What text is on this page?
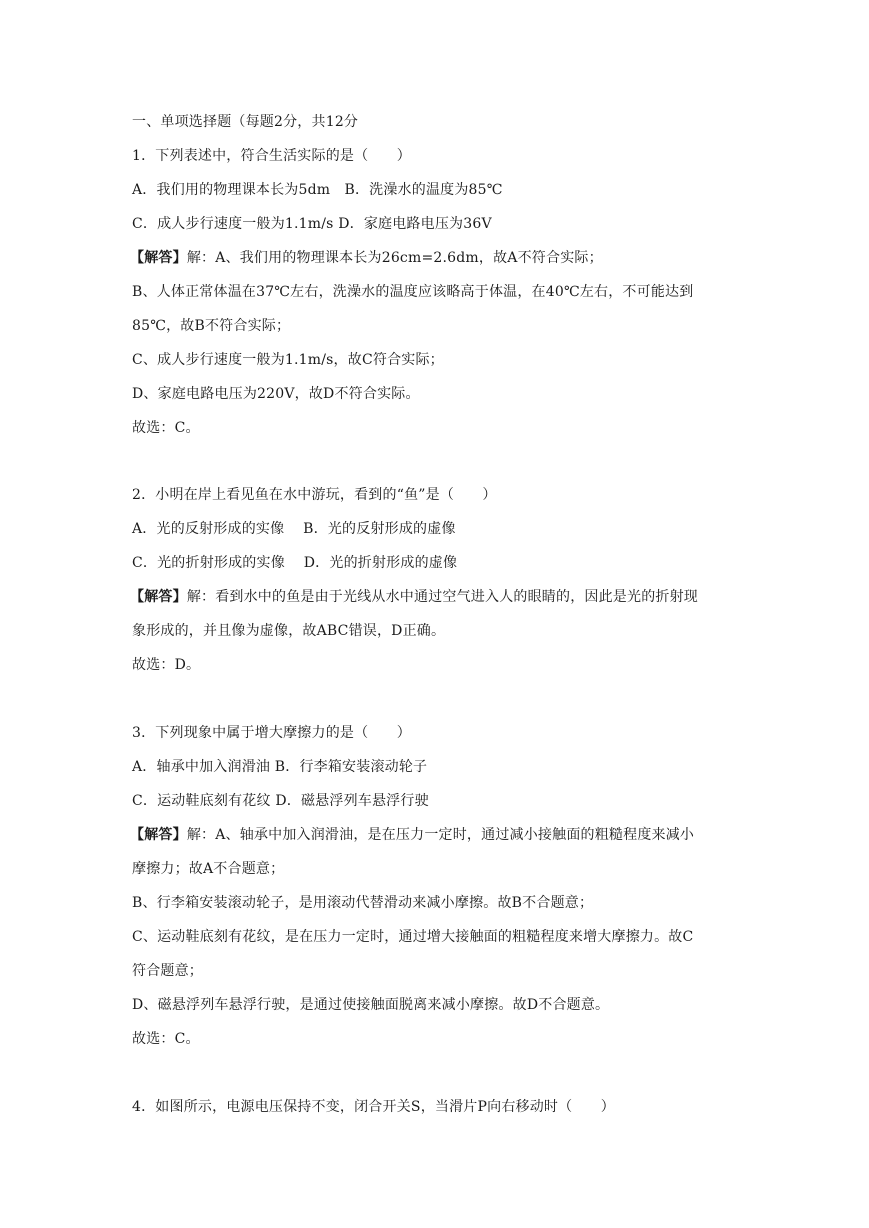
一、单项选择题（每题2分，共12分
1．下列表述中，符合生活实际的是（　　）
A．我们用的物理课本长为5dm　B．洗澡水的温度为85℃
C．成人步行速度一般为1.1m/s D．家庭电路电压为36V
【解答】解：A、我们用的物理课本长为26cm=2.6dm，故A不符合实际；
B、人体正常体温在37℃左右，洗澡水的温度应该略高于体温，在40℃左右，不可能达到
85℃，故B不符合实际；
C、成人步行速度一般为1.1m/s，故C符合实际；
D、家庭电路电压为220V，故D不符合实际。
故选：C。
2．小明在岸上看见鱼在水中游玩，看到的“鱼”是（　　）
A．光的反射形成的实像　 B．光的反射形成的虚像
C．光的折射形成的实像　 D．光的折射形成的虚像
【解答】解：看到水中的鱼是由于光线从水中通过空气进入人的眼睛的，因此是光的折射现
象形成的，并且像为虚像，故ABC错误，D正确。
故选：D。
3．下列现象中属于增大摩擦力的是（　　）
A．轴承中加入润滑油 B．行李箱安装滚动轮子
C．运动鞋底刻有花纹 D．磁悬浮列车悬浮行驶
【解答】解：A、轴承中加入润滑油，是在压力一定时，通过减小接触面的粗糙程度来减小
摩擦力；故A不合题意；
B、行李箱安装滚动轮子，是用滚动代替滑动来减小摩擦。故B不合题意；
C、运动鞋底刻有花纹，是在压力一定时，通过增大接触面的粗糙程度来增大摩擦力。故C
符合题意；
D、磁悬浮列车悬浮行驶，是通过使接触面脱离来减小摩擦。故D不合题意。
故选：C。
4．如图所示，电源电压保持不变，闭合开关S，当滑片P向右移动时（　　）
